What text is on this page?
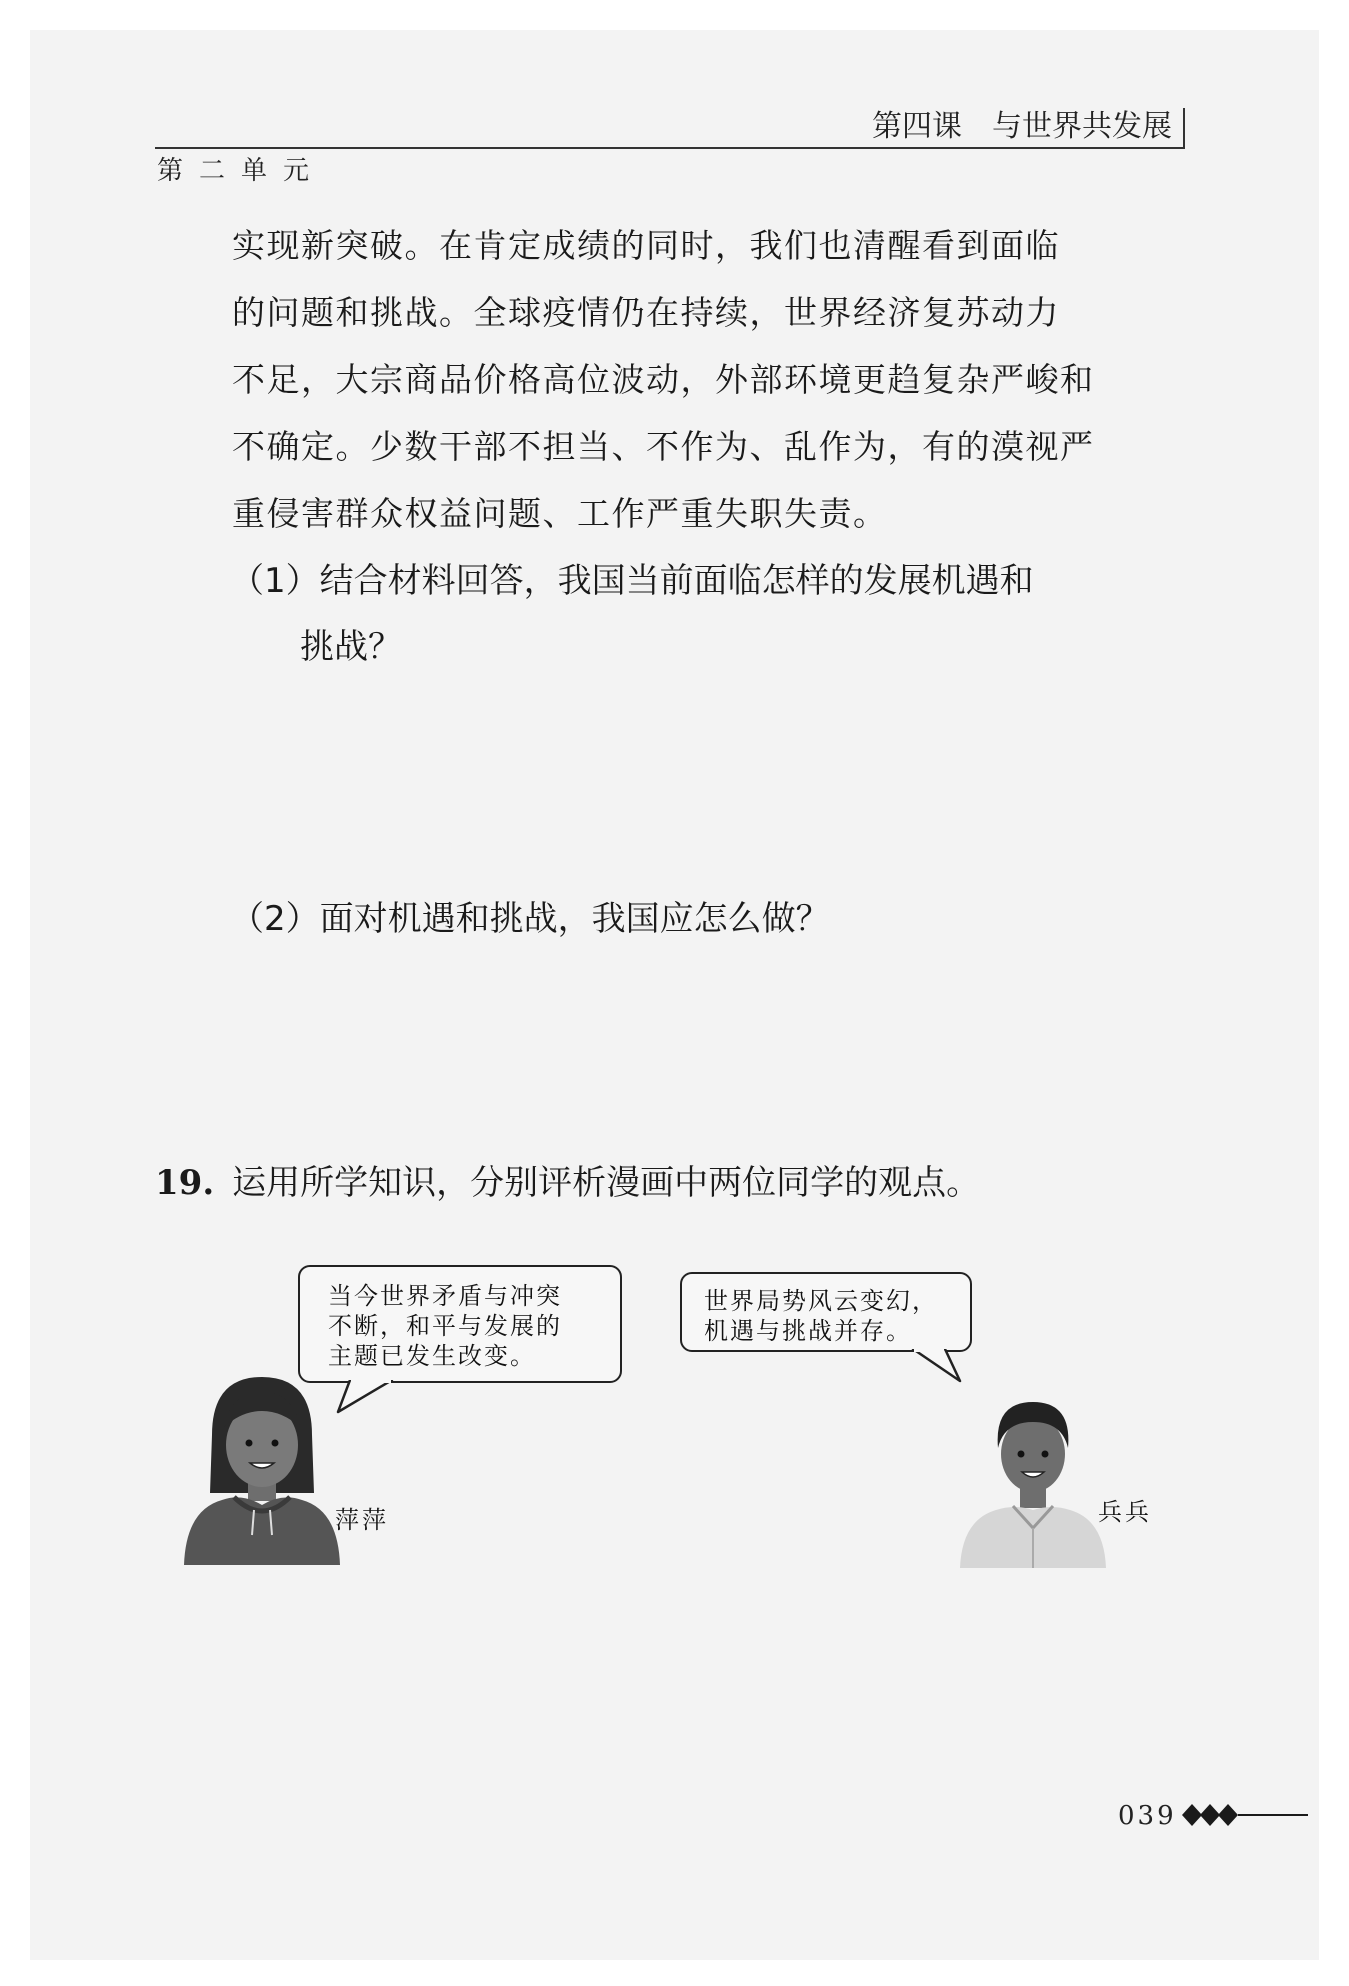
第四课　与世界共发展
第二单元

实现新突破。在肯定成绩的同时，我们也清醒看到面临

的问题和挑战。全球疫情仍在持续，世界经济复苏动力

不足，大宗商品价格高位波动，外部环境更趋复杂严峻和

不确定。少数干部不担当、不作为、乱作为，有的漠视严

重侵害群众权益问题、工作严重失职失责。

（1）结合材料回答，我国当前面临怎样的发展机遇和

挑战？

（2）面对机遇和挑战，我国应怎么做？

19. 运用所学知识，分别评析漫画中两位同学的观点。

当今世界矛盾与冲突

不断，和平与发展的

主题已发生改变。

世界局势风云变幻，

机遇与挑战并存。

萍萍	兵兵
039
